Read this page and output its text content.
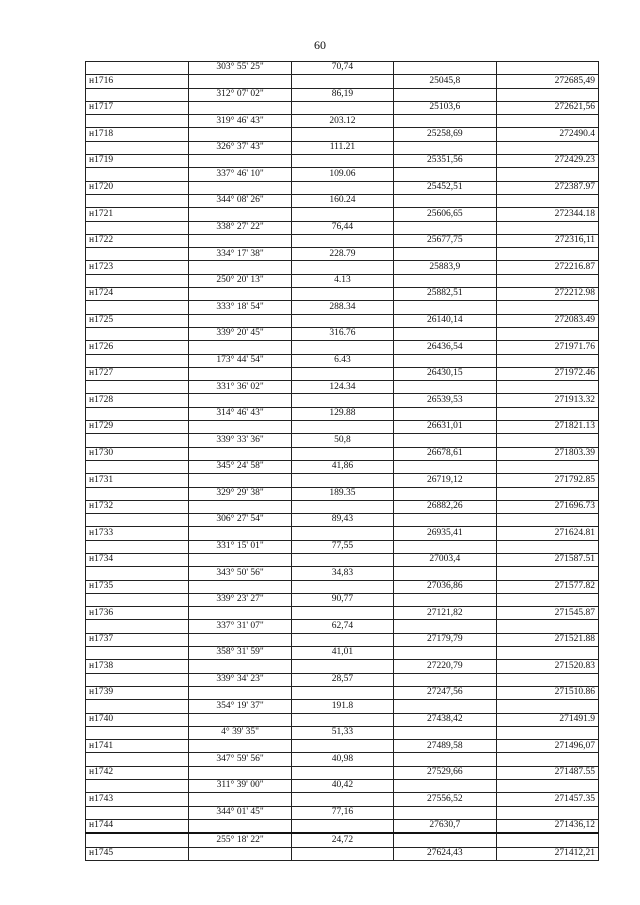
60
	303° 55' 25"	70,74		
н1716			25045,8	272685,49
	312° 07' 02"	86,19		
н1717			25103,6	272621,56
	319° 46' 43"	203.12		
н1718			25258,69	272490.4
	326° 37' 43"	111.21		
н1719			25351,56	272429.23
	337° 46' 10"	109.06		
н1720			25452,51	272387.97
	344° 08' 26"	160.24		
н1721			25606,65	272344.18
	338° 27' 22"	76,44		
н1722			25677,75	272316,11
	334° 17' 38"	228.79		
н1723			25883,9	272216.87
	250° 20' 13"	4.13		
н1724			25882,51	272212.98
	333° 18' 54"	288.34		
н1725			26140,14	272083.49
	339° 20' 45"	316.76		
н1726			26436,54	271971.76
	173° 44' 54"	6.43		
н1727			26430,15	271972.46
	331° 36' 02"	124.34		
н1728			26539,53	271913.32
	314° 46' 43"	129.88		
н1729			26631,01	271821.13
	339° 33' 36"	50,8		
н1730			26678,61	271803.39
	345° 24' 58"	41,86		
н1731			26719,12	271792.85
	329° 29' 38"	189.35		
н1732			26882,26	271696.73
	306° 27' 54"	89,43		
н1733			26935,41	271624.81
	331° 15' 01"	77,55		
н1734			27003,4	271587.51
	343° 50' 56"	34,83		
н1735			27036,86	271577.82
	339° 23' 27"	90,77		
н1736			27121,82	271545.87
	337° 31' 07"	62,74		
н1737			27179,79	271521.88
	358° 31' 59"	41,01		
н1738			27220,79	271520.83
	339° 34' 23"	28,57		
н1739			27247,56	271510.86
	354° 19' 37"	191.8		
н1740			27438,42	271491.9
	4° 39' 35"	51,33		
н1741			27489,58	271496,07
	347° 59' 56"	40,98		
н1742			27529,66	271487.55
	311° 39' 00"	40,42		
н1743			27556,52	271457.35
	344° 01' 45"	77,16		
н1744			27630,7	271436,12
	255° 18' 22"	24,72		
н1745			27624,43	271412,21
